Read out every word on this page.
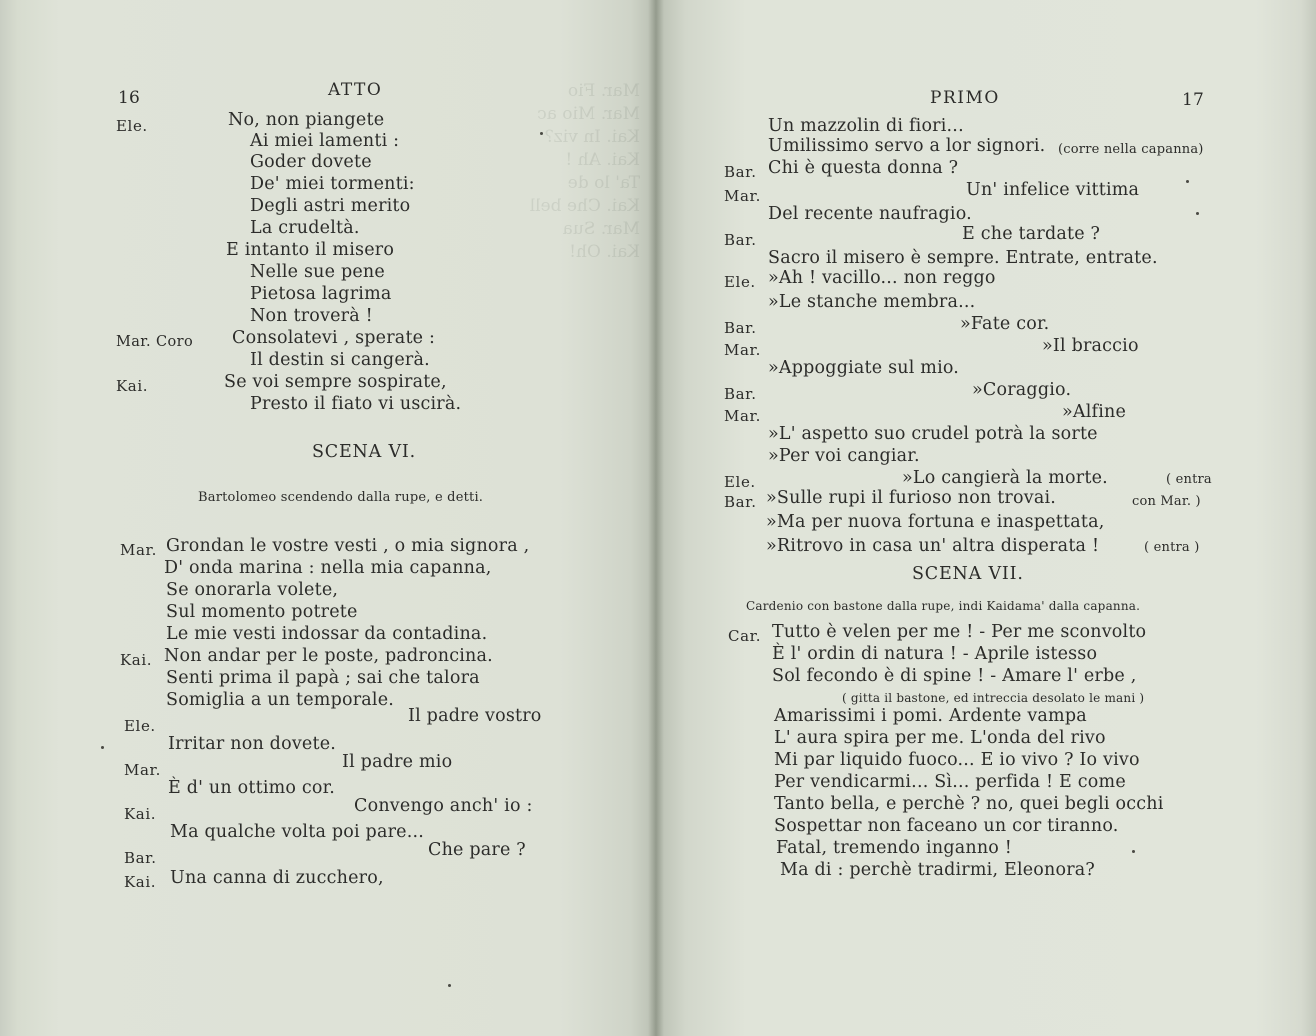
Mar. Fio
Mar. Mio ac
Kai. In viz?
Kai. Ah !
Ta' lo de
Kai. Che bell
Mar. Sua
Kai. Oh!
16	ATTO
Ele.	No, non piangete
Ai miei lamenti :
Goder dovete
De' miei tormenti:
Degli astri merito
La crudeltà.
E intanto il misero
Nelle sue pene
Pietosa lagrima
Non troverà !
Mar. Coro Consolatevi , sperate :
Il destin si cangerà.
Kai.	Se voi sempre sospirate,
Presto il fiato vi uscirà.
SCENA VI.
Bartolomeo scendendo dalla rupe, e detti.
Mar. Grondan le vostre vesti , o mia signora ,
D' onda marina : nella mia capanna,
Se onorarla volete,
Sul momento potrete
Le mie vesti indossar da contadina.
Kai. Non andar per le poste, padroncina.
Senti prima il papà ; sai che talora
Somiglia a un temporale.
Ele.	Il padre vostro
Irritar non dovete.
Mar.	Il padre mio
È d' un ottimo cor.
Kai.	Convengo anch' io :
Ma qualche volta poi pare...
Bar.	Che pare ?
Kai. Una canna di zucchero,
PRIMO	17
Un mazzolin di fiori...
Umilissimo servo a lor signori. (corre nella capanna)
Bar. Chi è questa donna ?
Mar.	Un' infelice vittima
Del recente naufragio.
Bar.	E che tardate ?
Sacro il misero è sempre. Entrate, entrate.
Ele. »Ah ! vacillo... non reggo
»Le stanche membra...
Bar.	»Fate cor.
Mar.	»Il braccio
»Appoggiate sul mio.
Bar.	»Coraggio.
Mar.	»Alfine
»L' aspetto suo crudel potrà la sorte
»Per voi cangiar.
Ele.	»Lo cangierà la morte.	( entra
Bar. »Sulle rupi il furioso non trovai.	con Mar. )
»Ma per nuova fortuna e inaspettata,
»Ritrovo in casa un' altra disperata !	( entra )
SCENA VII.
Cardenio con bastone dalla rupe, indi Kaidama' dalla capanna.
Car. Tutto è velen per me ! - Per me sconvolto
È l' ordin di natura ! - Aprile istesso
Sol fecondo è di spine ! - Amare l' erbe ,
( gitta il bastone, ed intreccia desolato le mani )
Amarissimi i pomi. Ardente vampa
L' aura spira per me. L'onda del rivo
Mi par liquido fuoco... E io vivo ? Io vivo
Per vendicarmi... Sì... perfida ! E come
Tanto bella, e perchè ? no, quei begli occhi
Sospettar non faceano un cor tiranno.
Fatal, tremendo inganno !
Ma di : perchè tradirmi, Eleonora?
